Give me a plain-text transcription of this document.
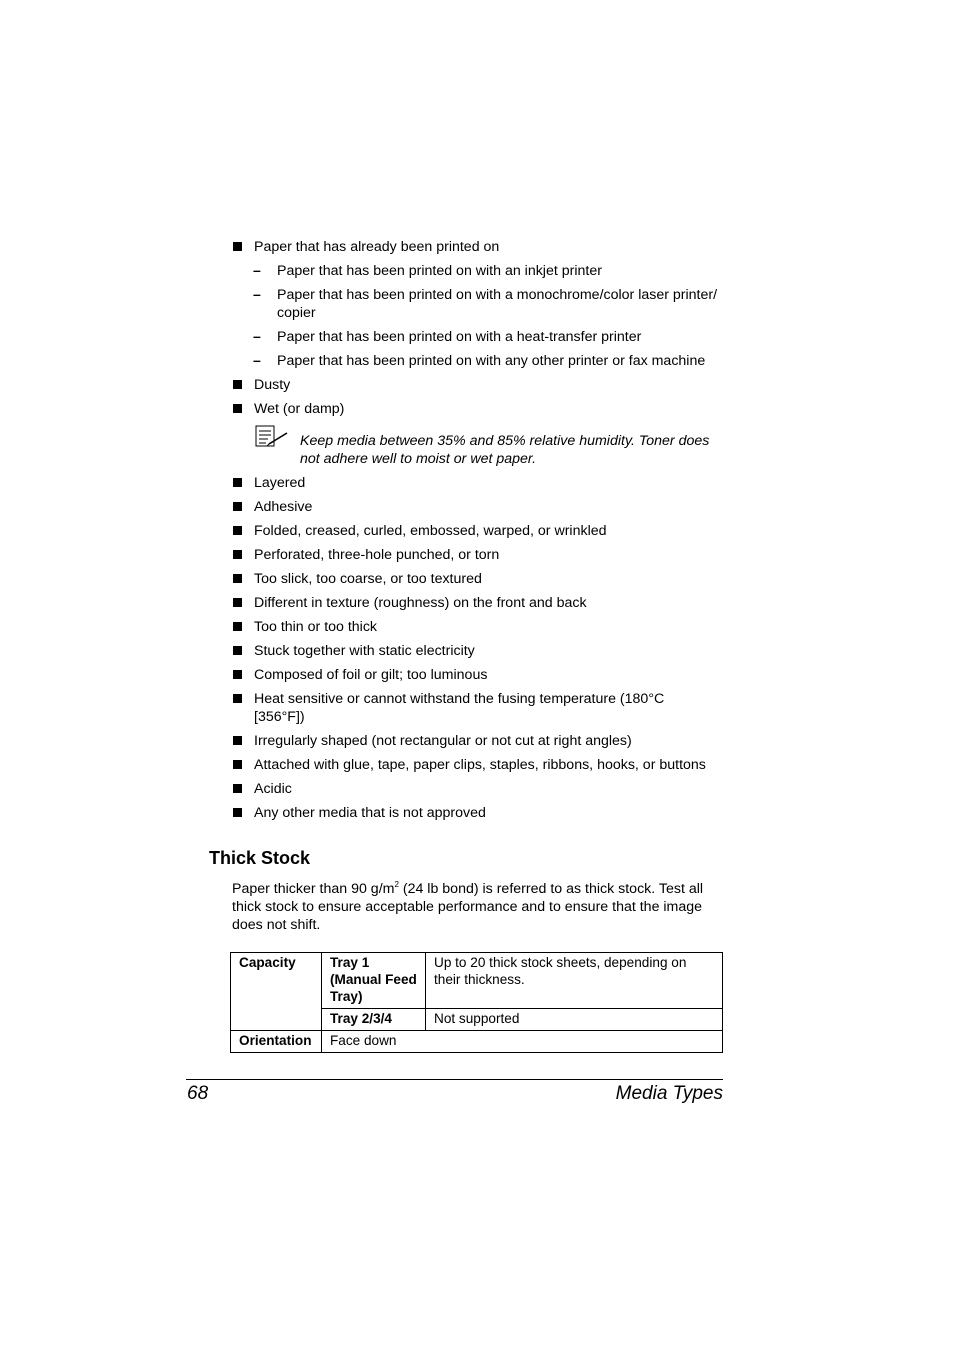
Paper that has already been printed on
– Paper that has been printed on with an inkjet printer
– Paper that has been printed on with a monochrome/color laser printer/ copier
– Paper that has been printed on with a heat-transfer printer
– Paper that has been printed on with any other printer or fax machine
Dusty
Wet (or damp)
Keep media between 35% and 85% relative humidity. Toner does not adhere well to moist or wet paper.
Layered
Adhesive
Folded, creased, curled, embossed, warped, or wrinkled
Perforated, three-hole punched, or torn
Too slick, too coarse, or too textured
Different in texture (roughness) on the front and back
Too thin or too thick
Stuck together with static electricity
Composed of foil or gilt; too luminous
Heat sensitive or cannot withstand the fusing temperature (180°C [356°F])
Irregularly shaped (not rectangular or not cut at right angles)
Attached with glue, tape, paper clips, staples, ribbons, hooks, or buttons
Acidic
Any other media that is not approved
Thick Stock
Paper thicker than 90 $g/m^2$ (24 lb bond) is referred to as thick stock. Test all thick stock to ensure acceptable performance and to ensure that the image does not shift.
Capacity	Tray 1 (Manual Feed Tray)	Up to 20 thick stock sheets, depending on their thickness.
	Tray 2/3/4	Not supported
Orientation	Face down	
68	Media Types
